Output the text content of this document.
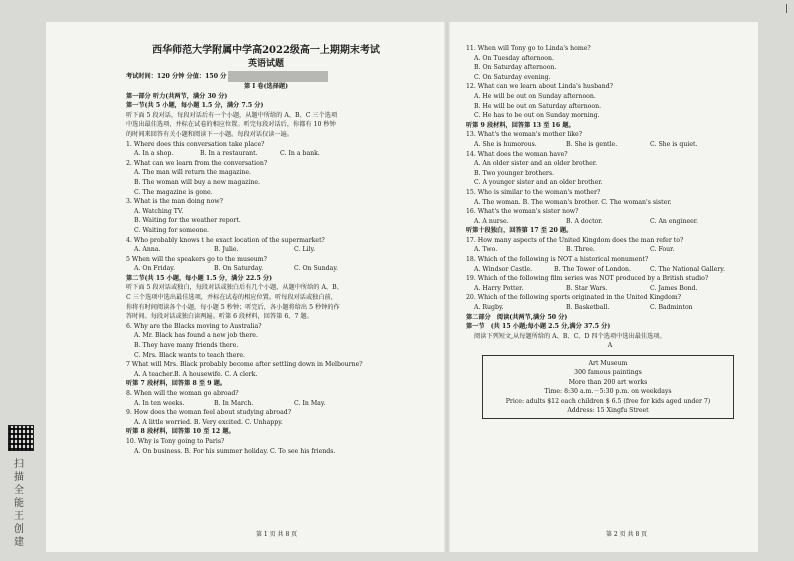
西华师范大学附属中学高2022级高一上期期末考试
英语试题
考试时间：120 分钟 分值：150 分
第 I 卷(选择题)
第一部分 听力(共两节，满分 30 分)
第一节(共 5 小题，每小题 1.5 分，满分 7.5 分)
听下面 5 段对话，每段对话后有一个小题，从题中所给的 A、B、C 三个选项
中选出最佳选项，并标在试卷的相应位置。听完每段对话后，你都有 10 秒钟
的时间来回答有关小题和阅读下一小题。每段对话仅读一遍。
1. Where does this conversation take place?
A. In a shop.	B. In a restaurant.	C. In a bank.
2. What can we learn from the conversation?
A. The man will return the magazine.
B. The woman will buy a new magazine.
C. The magazine is gone.
3. What is the man doing now?
A. Watching TV.
B. Waiting for the weather report.
C. Waiting for someone.
4. Who probably knows t he exact location of the supermarket?
A. Anna.	B. Julie.	C. Lily.
5 When will the speakers go to the museum?
A. On Friday.	B. On Saturday.	C. On Sunday.
第二节(共 15 小题，每小题 1.5 分，满分 22.5 分)
听下面 5 段对话或独白，每段对话或独白后有几个小题，从题中所给的 A、B、
C 三个选项中选出最佳选项，并标在试卷的相应位置。听每段对话或独白前，
你将有时间阅读各个小题，每小题 5 秒钟；听完后，各小题将给出 5 秒钟的作
答时间。每段对话或独白读两遍。听第 6 段材料，回答第 6、7 题。
6. Why are the Blacks moving to Australia?
A. Mr. Black has found a new job there.
B. They have many friends there.
C. Mrs. Black wants to teach there.
7 What will Mrs. Black probably become after settling down in Melbourne?
A. A teacher.B. A housewife. C. A clerk.
听第 7 段材料，回答第 8 至 9 题。
8. When will the woman go abroad?
A. In ten weeks.	B. In March.	C. In May.
9. How does the woman feel about studying abroad?
A. A little worried. B. Very excited. C. Unhappy.
听第 8 段材料，回答第 10 至 12 题。
10. Why is Tony going to Paris?
A. On business. B. For his summer holiday. C. To see his friends.
第 1 页 共 8 页
11. When will Tony go to Linda's home?
A. On Tuesday afternoon.
B. On Saturday afternoon.
C. On Saturday evening.
12. What can we learn about Linda's husband?
A. He will be out on Sunday afternoon.
B. He will be out on Saturday afternoon.
C. He has to be out on Sunday morning.
听第 9 段材料，回答第 13 至 16 题。
13. What's the woman's mother like?
A. She is humorous.	B. She is gentle.	C. She is quiet.
14. What does the woman have?
A. An older sister and an older brother.
B. Two younger brothers.
C. A younger sister and an older brother.
15. Who is similar to the woman's mother?
A. The woman. B. The woman's brother. C. The woman's sister.
16. What's the woman's sister now?
A. A nurse.	B. A doctor.	C. An engineer.
听第十段独白，回答第 17 至 20 题。
17. How many aspects of the United Kingdom does the man refer to?
A. Two.	B. Three.	C. Four.
18. Which of the following is NOT a historical monument?
A. Windsor Castle.	B. The Tower of London.	C. The National Gallery.
19. Which of the following film series was NOT produced by a British studio?
A. Harry Potter.	B. Star Wars.	C. James Bond.
20. Which of the following sports originated in the United Kingdom?
A. Rugby.	B. Basketball.	C. Badminton
第二部分　阅读(共两节,满分 50 分)
第一节　(共 15 小题;每小题 2.5 分,满分 37.5 分)
阅读下列短文,从每题所给的 A、B、C、D 四个选项中选出最佳选项。
A
Art Museum
300 famous paintings
More than 200 art works
Time: 8:30 a.m.－5:30 p.m. on weekdays
Price: adults $12 each children $ 6.5 (free for kids aged under 7)
Address: 15 Xingfu Street
第 2 页 共 8 页
扫描全能王 创建
|
